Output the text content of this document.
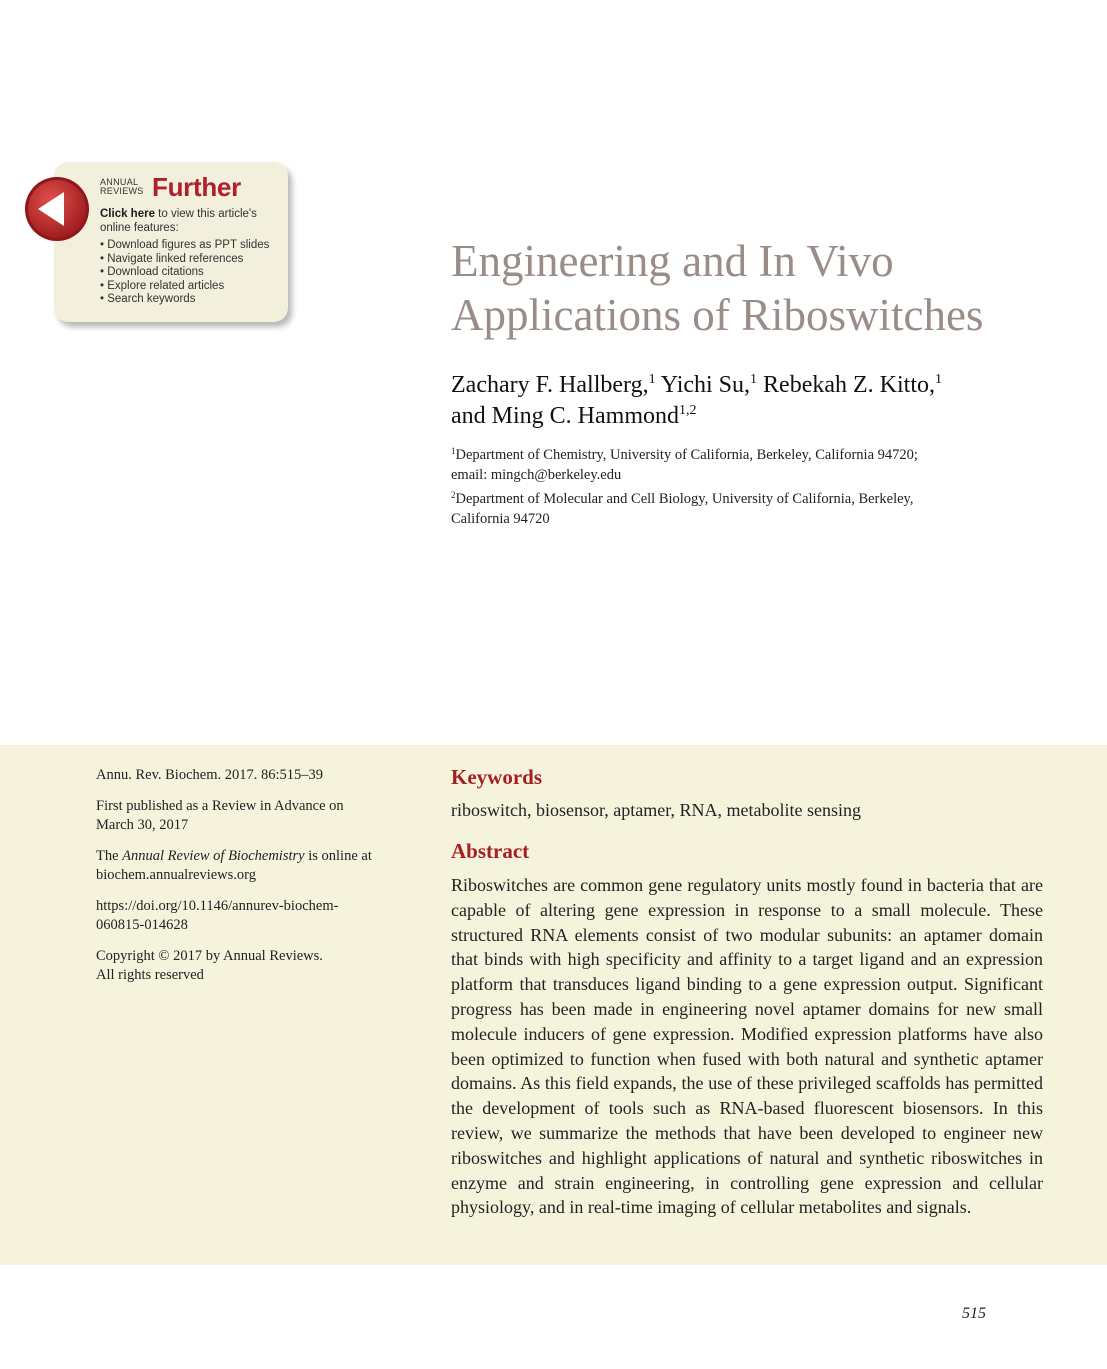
ANNUAL
REVIEWS Further
Click here to view this article's online features:
• Download figures as PPT slides
• Navigate linked references
• Download citations
• Explore related articles
• Search keywords
Engineering and In Vivo
Applications of Riboswitches
Zachary F. Hallberg,$^1$ Yichi Su,$^1$ Rebekah Z. Kitto,$^1$
and Ming C. Hammond$^{1,2}$
$^1$Department of Chemistry, University of California, Berkeley, California 94720;
email: mingch@berkeley.edu
$^2$Department of Molecular and Cell Biology, University of California, Berkeley,
California 94720

Annu. Rev. Biochem. 2017. 86:515–39

First published as a Review in Advance on
March 30, 2017

The Annual Review of Biochemistry is online at
biochem.annualreviews.org

https://doi.org/10.1146/annurev-biochem-
060815-014628

Copyright © 2017 by Annual Reviews.
All rights reserved

Keywords
riboswitch, biosensor, aptamer, RNA, metabolite sensing
Abstract

Riboswitches are common gene regulatory units mostly found in bacteria that are capable of altering gene expression in response to a small molecule. These structured RNA elements consist of two modular subunits: an aptamer domain that binds with high specificity and affinity to a target ligand and an expression platform that transduces ligand binding to a gene expression output. Significant progress has been made in engineering novel aptamer domains for new small molecule inducers of gene expression. Modified expression platforms have also been optimized to function when fused with both natural and synthetic aptamer domains. As this field expands, the use of these privileged scaffolds has permitted the development of tools such as RNA-based fluorescent biosensors. In this review, we summarize the methods that have been developed to engineer new riboswitches and highlight applications of natural and synthetic riboswitches in enzyme and strain engineering, in controlling gene expression and cellular physiology, and in real-time imaging of cellular metabolites and signals.

515
